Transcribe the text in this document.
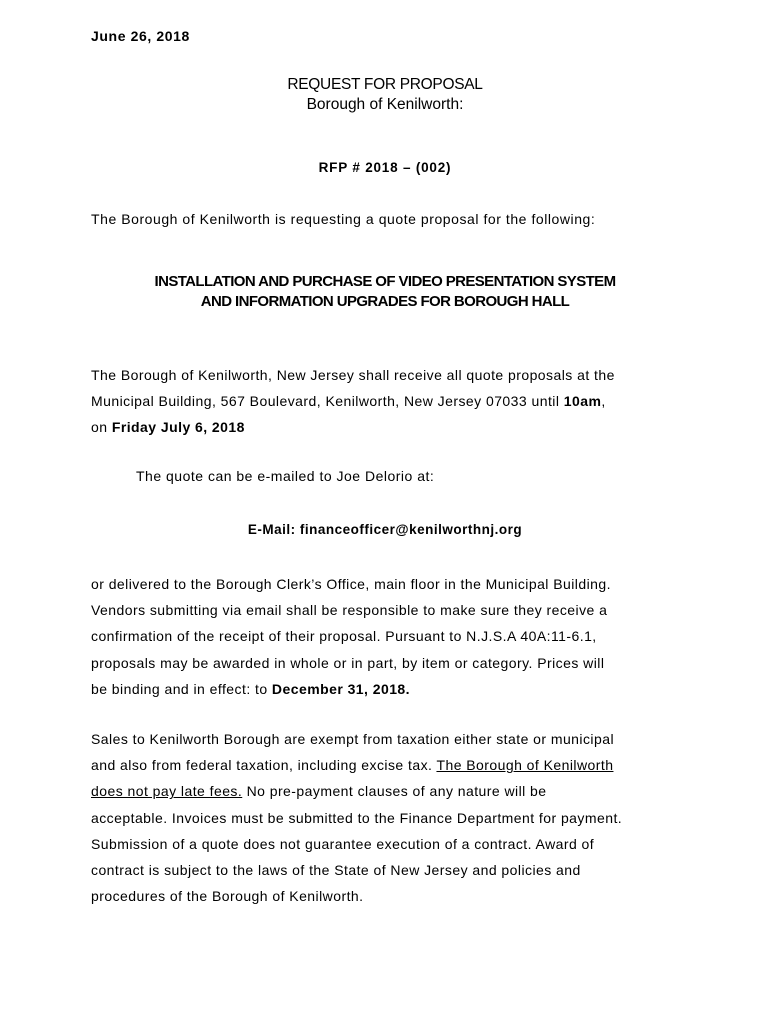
June 26, 2018
REQUEST FOR PROPOSAL
Borough of Kenilworth:
RFP # 2018 – (002)
The Borough of Kenilworth is requesting a quote proposal for the following:
INSTALLATION AND PURCHASE OF VIDEO PRESENTATION SYSTEM
AND INFORMATION UPGRADES FOR BOROUGH HALL
The Borough of Kenilworth, New Jersey shall receive all quote proposals at the
Municipal Building, 567 Boulevard, Kenilworth, New Jersey 07033 until 10am,
on Friday July 6, 2018
The quote can be e-mailed to Joe Delorio at:
E-Mail: financeofficer@kenilworthnj.org
or delivered to the Borough Clerk’s Office, main floor in the Municipal Building.
Vendors submitting via email shall be responsible to make sure they receive a
confirmation of the receipt of their proposal. Pursuant to N.J.S.A 40A:11-6.1,
proposals may be awarded in whole or in part, by item or category. Prices will
be binding and in effect: to December 31, 2018.
Sales to Kenilworth Borough are exempt from taxation either state or municipal
and also from federal taxation, including excise tax. The Borough of Kenilworth
does not pay late fees. No pre-payment clauses of any nature will be
acceptable. Invoices must be submitted to the Finance Department for payment.
Submission of a quote does not guarantee execution of a contract. Award of
contract is subject to the laws of the State of New Jersey and policies and
procedures of the Borough of Kenilworth.
